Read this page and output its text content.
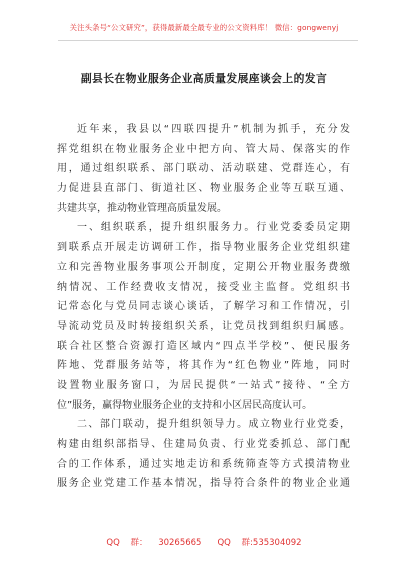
关注头条号“公文研究”，获得最新最全最专业的公文资料库！ 微信：gongwenyj
副县长在物业服务企业高质量发展座谈会上的发言
近年来，我县以“四联四提升”机制为抓手，充分发
挥党组织在物业服务企业中把方向、管大局、保落实的作
用，通过组织联系、部门联动、活动联建、党群连心，有
力促进县直部门、街道社区、物业服务企业等互联互通、
共建共享，推动物业管理高质量发展。
一、组织联系，提升组织服务力。行业党委委员定期
到联系点开展走访调研工作，指导物业服务企业党组织建
立和完善物业服务事项公开制度，定期公开物业服务费缴
纳情况、工作经费收支情况，接受业主监督。党组织书
记常态化与党员同志谈心谈话，了解学习和工作情况，引
导流动党员及时转接组织关系，让党员找到组织归属感。
联合社区整合资源打造区域内“四点半学校”、便民服务
阵地、党群服务站等，将其作为“红色物业”阵地，同时
设置物业服务窗口，为居民提供“一站式”接待、“全方
位”服务，赢得物业服务企业的支持和小区居民高度认可。
二、部门联动，提升组织领导力。成立物业行业党委，
构建由组织部指导、住建局负责、行业党委抓总、部门配
合的工作体系，通过实地走访和系统筛查等方式摸清物业
服务企业党建工作基本情况，指导符合条件的物业企业通
QQ 群： 30265665 QQ 群:535304092
